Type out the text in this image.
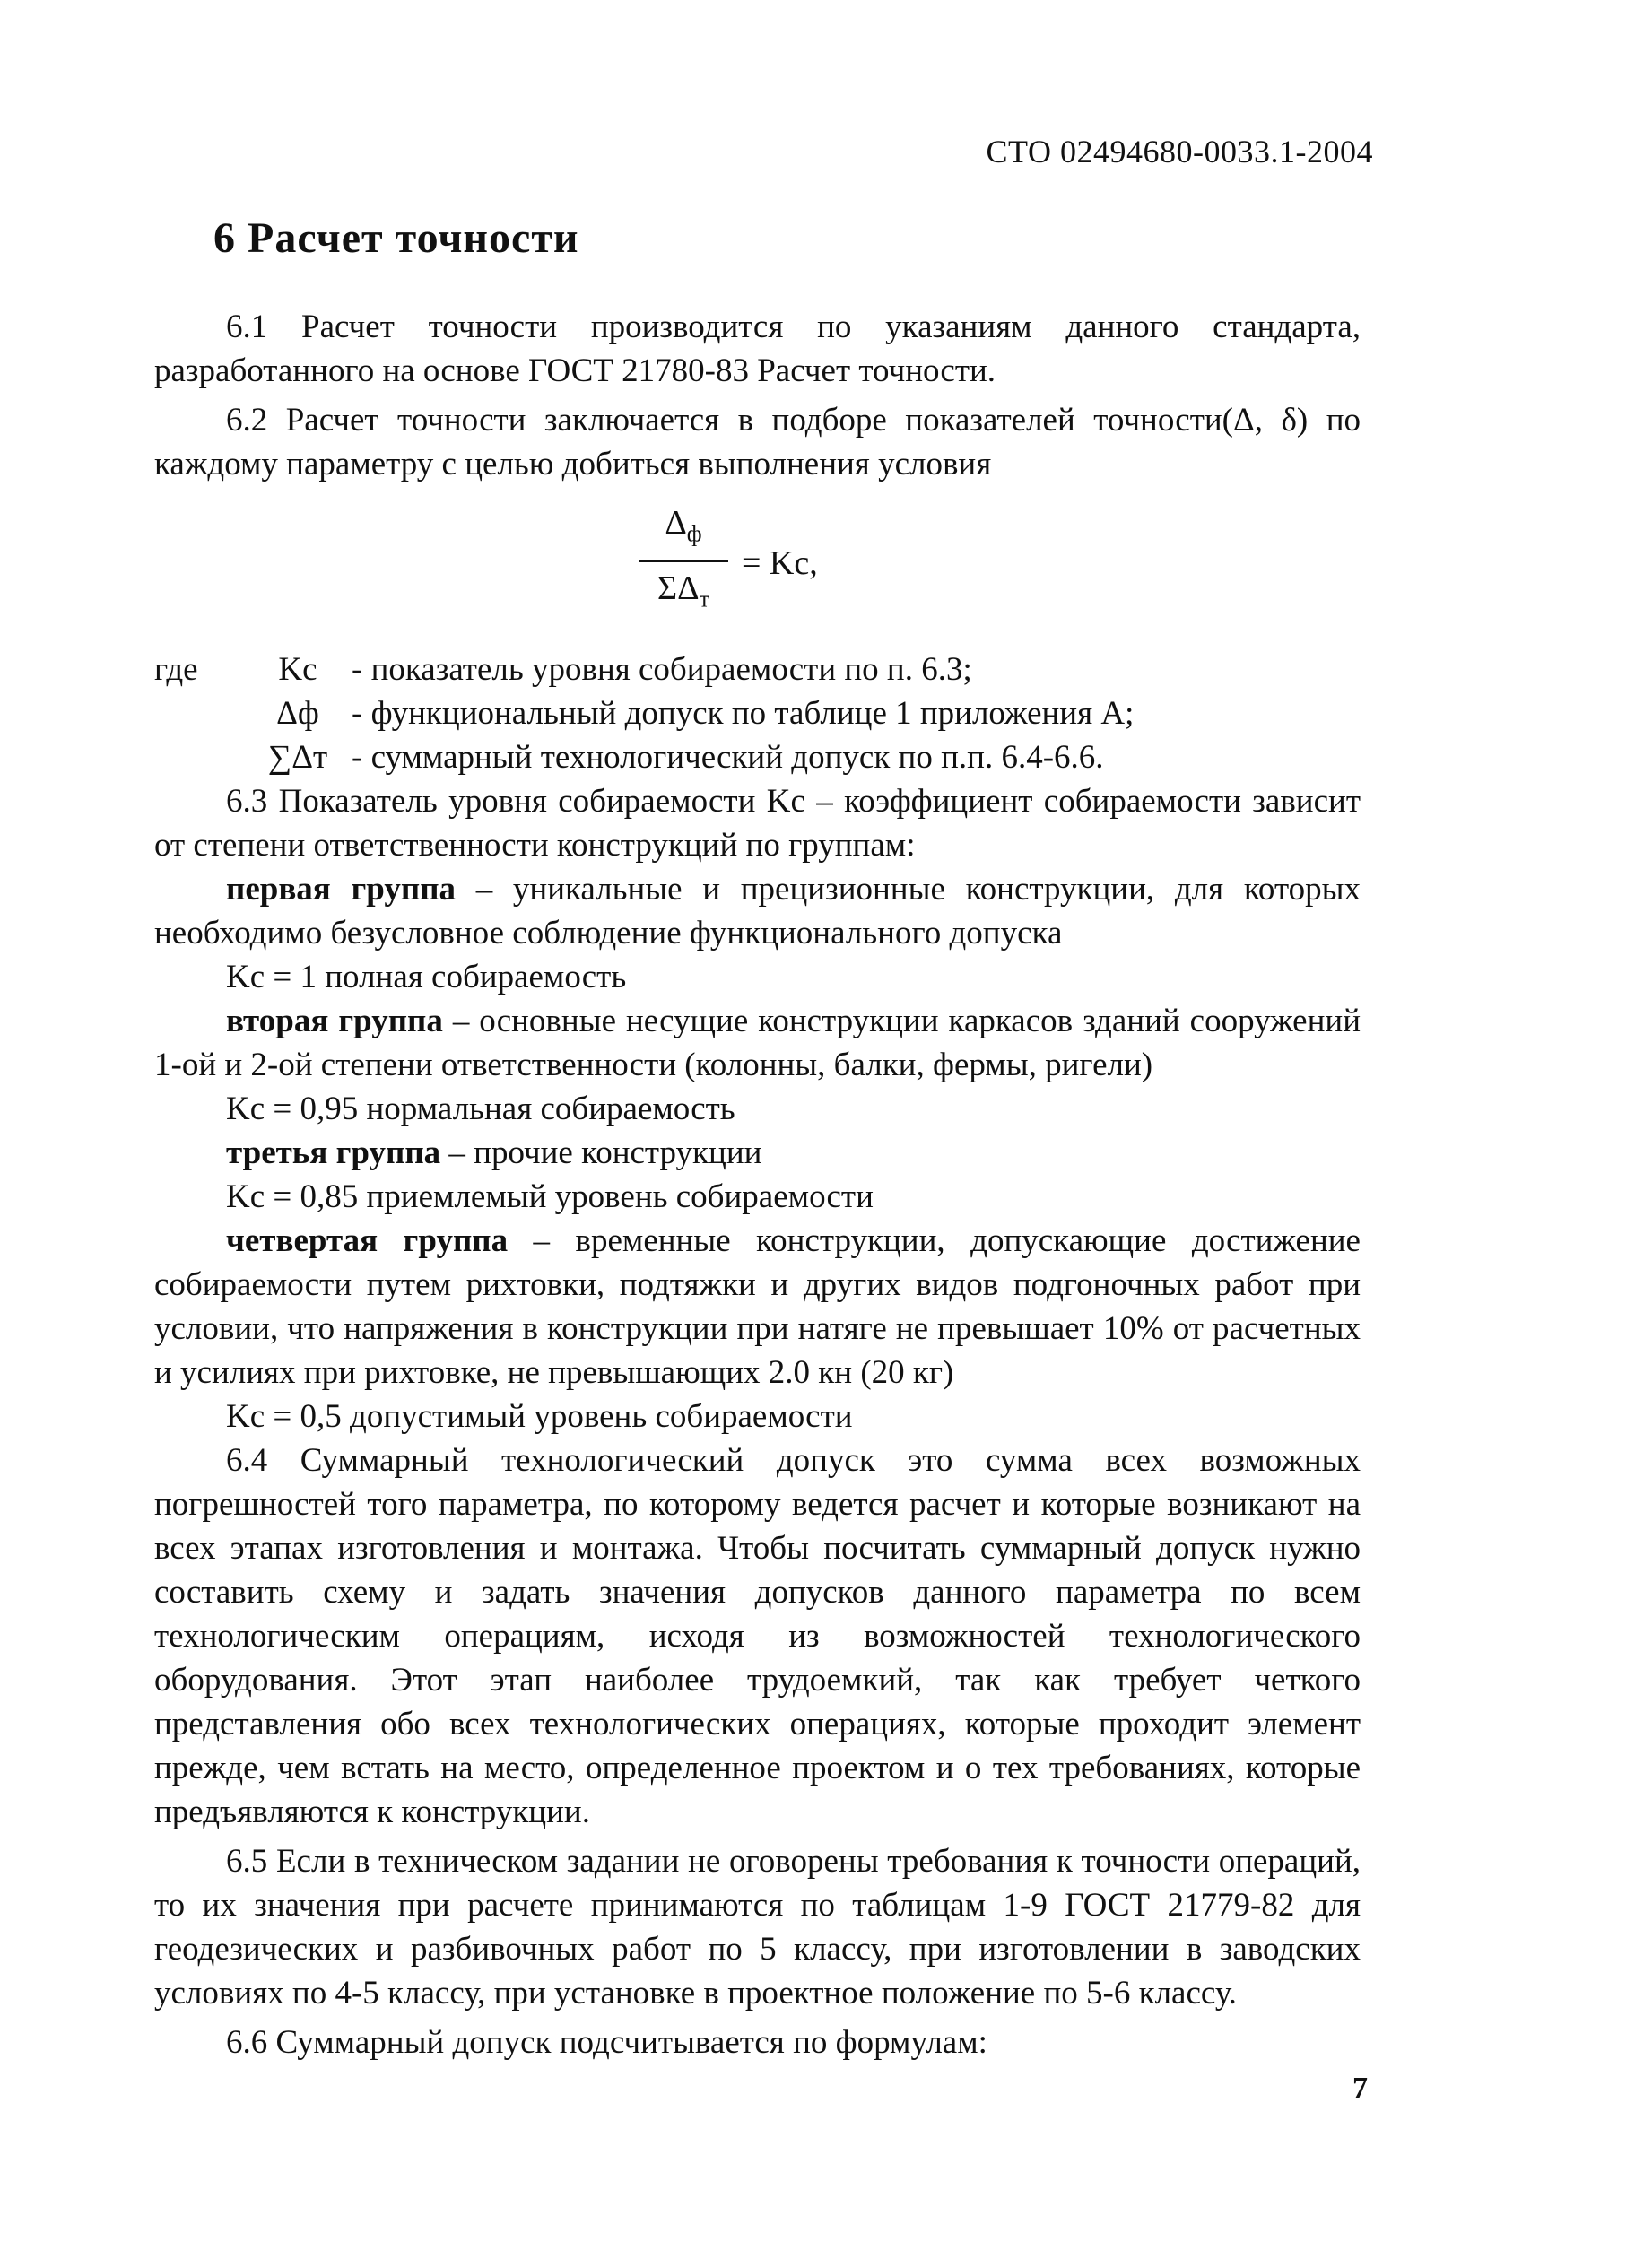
СТО 02494680-0033.1-2004
6 Расчет точности

6.1 Расчет точности производится по указаниям данного стандарта, разработанного на основе ГОСТ 21780-83 Расчет точности.

6.2 Расчет точности заключается в подборе показателей точности(Δ, δ) по каждому параметру с целью добиться выполнения условия

$\Delta_ф$
$\Sigma\Delta_т$
= Kс,
где	Kс	- показатель уровня собираемости по п. 6.3;
Δф - функциональный допуск по таблице 1 приложения А;
∑Δт - суммарный технологический допуск по п.п. 6.4-6.6.

6.3 Показатель уровня собираемости Kс – коэффициент собираемости зависит от степени ответственности конструкций по группам:

первая группа – уникальные и прецизионные конструкции, для которых необходимо безусловное соблюдение функционального допуска

Kс = 1 полная собираемость

вторая группа – основные несущие конструкции каркасов зданий сооружений 1-ой и 2-ой степени ответственности (колонны, балки, фермы, ригели)

Kс = 0,95 нормальная собираемость

третья группа – прочие конструкции

Kс = 0,85 приемлемый уровень собираемости

четвертая группа – временные конструкции, допускающие достижение собираемости путем рихтовки, подтяжки и других видов подгоночных работ при условии, что напряжения в конструкции при натяге не превышает 10% от расчетных и усилиях при рихтовке, не превышающих 2.0 кн (20 кг)

Kс = 0,5 допустимый уровень собираемости

6.4 Суммарный технологический допуск это сумма всех возможных погрешностей того параметра, по которому ведется расчет и которые возникают на всех этапах изготовления и монтажа. Чтобы посчитать суммарный допуск нужно составить схему и задать значения допусков данного параметра по всем технологическим операциям, исходя из возможностей технологического оборудования. Этот этап наиболее трудоемкий, так как требует четкого представления обо всех технологических операциях, которые проходит элемент прежде, чем встать на место, определенное проектом и о тех требованиях, которые предъявляются к конструкции.

6.5 Если в техническом задании не оговорены требования к точности операций, то их значения при расчете принимаются по таблицам 1-9 ГОСТ 21779-82 для геодезических и разбивочных работ по 5 классу, при изготовлении в заводских условиях по 4-5 классу, при установке в проектное положение по 5-6 классу.

6.6 Суммарный допуск подсчитывается по формулам:

7
